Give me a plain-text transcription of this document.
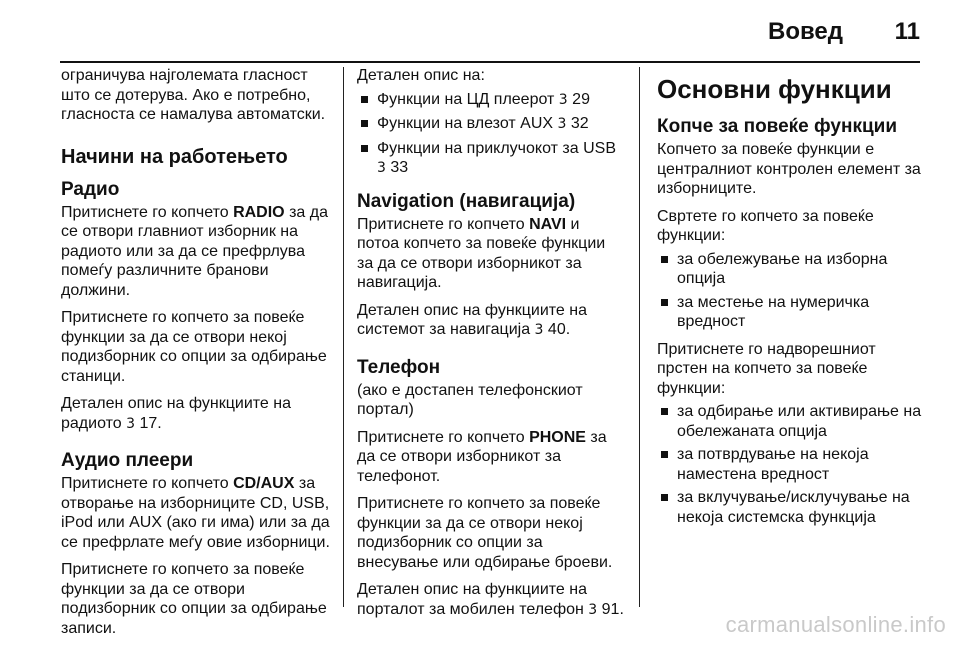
Вовед 11

ограничува најголемата гласност што се дотерува. Ако е потребно, гласноста се намалува автоматски.

Начини на работењето
Радио

Притиснете го копчето RADIO за да се отвори главниот изборник на радиото или за да се префрлува помеѓу различните бранови должини.

Притиснете го копчето за повеќе функции за да се отвори некој подизборник со опции за одбирање станици.

Детален опис на функциите на радиото 3 17.

Аудио плеери

Притиснете го копчето CD/AUX за отворање на изборниците CD, USB, iPod или AUX (ако ги има) или за да се префрлате меѓу овие изборници.

Притиснете го копчето за повеќе функции за да се отвори подизборник со опции за одбирање записи.

Детален опис на:

Функции на ЦД плеерот 3 29
Функции на влезот AUX 3 32
Функции на приклучокот за USB 3 33
Navigation (навигација)

Притиснете го копчето NAVI и потоа копчето за повеќе функции за да се отвори изборникот за навигација.

Детален опис на функциите на системот за навигација 3 40.

Телефон

(ако е достапен телефонскиот портал)

Притиснете го копчето PHONE за да се отвори изборникот за телефонот.

Притиснете го копчето за повеќе функции за да се отвори некој подизборник со опции за внесување или одбирање броеви.

Детален опис на функциите на порталот за мобилен телефон 3 91.

Основни функции
Копче за повеќе функции

Копчето за повеќе функции е централниот контролен елемент за изборниците.

Свртете го копчето за повеќе функции:

за обележување на изборна опција
за местење на нумеричка вредност

Притиснете го надворешниот прстен на копчето за повеќе функции:

за одбирање или активирање на обележаната опција
за потврдување на некоја наместена вредност
за вклучување/исклучување на некоја системска функција
carmanualsonline.info
